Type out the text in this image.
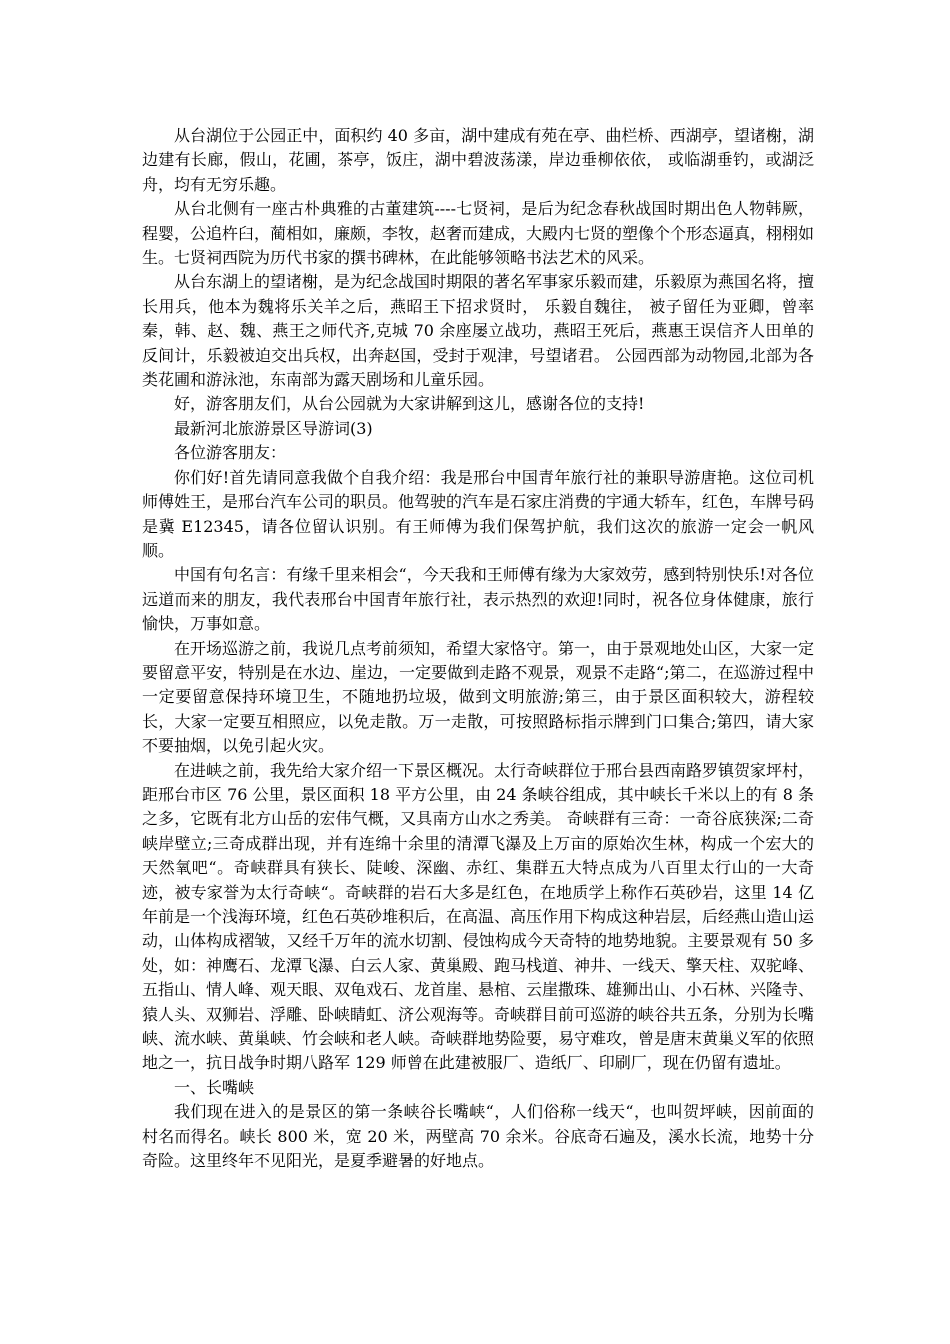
从台湖位于公园正中，面积约 40 多亩，湖中建成有苑在亭、曲栏桥、西湖亭，望诸榭，湖边建有长廊，假山，花圃，茶亭，饭庄，湖中碧波荡漾，岸边垂柳依依， 或临湖垂钓，或湖泛舟，均有无穷乐趣。

从台北侧有一座古朴典雅的古董建筑----七贤祠，是后为纪念春秋战国时期出色人物韩厥，程婴，公追杵臼，蔺相如，廉颇，李牧，赵奢而建成，大殿内七贤的塑像个个形态逼真，栩栩如生。七贤祠西院为历代书家的撰书碑林，在此能够领略书法艺术的风采。

从台东湖上的望诸榭，是为纪念战国时期限的著名军事家乐毅而建，乐毅原为燕国名将，擅长用兵，他本为魏将乐关羊之后，燕昭王下招求贤时， 乐毅自魏往， 被子留任为亚卿，曾率秦，韩、赵、魏、燕王之师代齐,克城 70 余座屡立战功，燕昭王死后，燕惠王误信齐人田单的反间计，乐毅被迫交出兵权，出奔赵国，受封于观津，号望诸君。 公园西部为动物园,北部为各类花圃和游泳池，东南部为露天剧场和儿童乐园。

好，游客朋友们，从台公园就为大家讲解到这儿，感谢各位的支持!

最新河北旅游景区导游词(3)

各位游客朋友：

你们好!首先请同意我做个自我介绍：我是邢台中国青年旅行社的兼职导游唐艳。这位司机师傅姓王，是邢台汽车公司的职员。他驾驶的汽车是石家庄消费的宇通大轿车，红色，车牌号码是冀 E12345，请各位留认识别。有王师傅为我们保驾护航，我们这次的旅游一定会一帆风顺。

中国有句名言：有缘千里来相会“，今天我和王师傅有缘为大家效劳，感到特别快乐!对各位远道而来的朋友，我代表邢台中国青年旅行社，表示热烈的欢迎!同时，祝各位身体健康，旅行愉快，万事如意。

在开场巡游之前，我说几点考前须知，希望大家恪守。第一，由于景观地处山区，大家一定要留意平安，特别是在水边、崖边，一定要做到走路不观景，观景不走路“;第二，在巡游过程中一定要留意保持环境卫生，不随地扔垃圾，做到文明旅游;第三，由于景区面积较大，游程较长，大家一定要互相照应，以免走散。万一走散，可按照路标指示牌到门口集合;第四，请大家不要抽烟，以免引起火灾。

在进峡之前，我先给大家介绍一下景区概况。太行奇峡群位于邢台县西南路罗镇贺家坪村，距邢台市区 76 公里，景区面积 18 平方公里，由 24 条峡谷组成，其中峡长千米以上的有 8 条之多，它既有北方山岳的宏伟气概，又具南方山水之秀美。 奇峡群有三奇：一奇谷底狭深;二奇峡岸壁立;三奇成群出现，并有连绵十余里的清潭飞瀑及上万亩的原始次生林，构成一个宏大的天然氧吧“。奇峡群具有狭长、陡峻、深幽、赤红、集群五大特点成为八百里太行山的一大奇迹，被专家誉为太行奇峡“。奇峡群的岩石大多是红色，在地质学上称作石英砂岩，这里 14 亿年前是一个浅海环境，红色石英砂堆积后，在高温、高压作用下构成这种岩层，后经燕山造山运动，山体构成褶皱，又经千万年的流水切割、侵蚀构成今天奇特的地势地貌。主要景观有 50 多处，如：神鹰石、龙潭飞瀑、白云人家、黄巢殿、跑马栈道、神井、一线天、擎天柱、双驼峰、五指山、情人峰、观天眼、双龟戏石、龙首崖、悬棺、云崖撒珠、雄狮出山、小石林、兴隆寺、猿人头、双狮岩、浮雕、卧峡睛虹、济公观海等。奇峡群目前可巡游的峡谷共五条，分别为长嘴峡、流水峡、黄巢峡、竹会峡和老人峡。奇峡群地势险要，易守难攻，曾是唐末黄巢义军的依照地之一，抗日战争时期八路军 129 师曾在此建被服厂、造纸厂、印刷厂，现在仍留有遗址。

一、长嘴峡

我们现在进入的是景区的第一条峡谷长嘴峡“，人们俗称一线天“，也叫贺坪峡，因前面的村名而得名。峡长 800 米，宽 20 米，两壁高 70 余米。谷底奇石遍及，溪水长流，地势十分奇险。这里终年不见阳光，是夏季避暑的好地点。
